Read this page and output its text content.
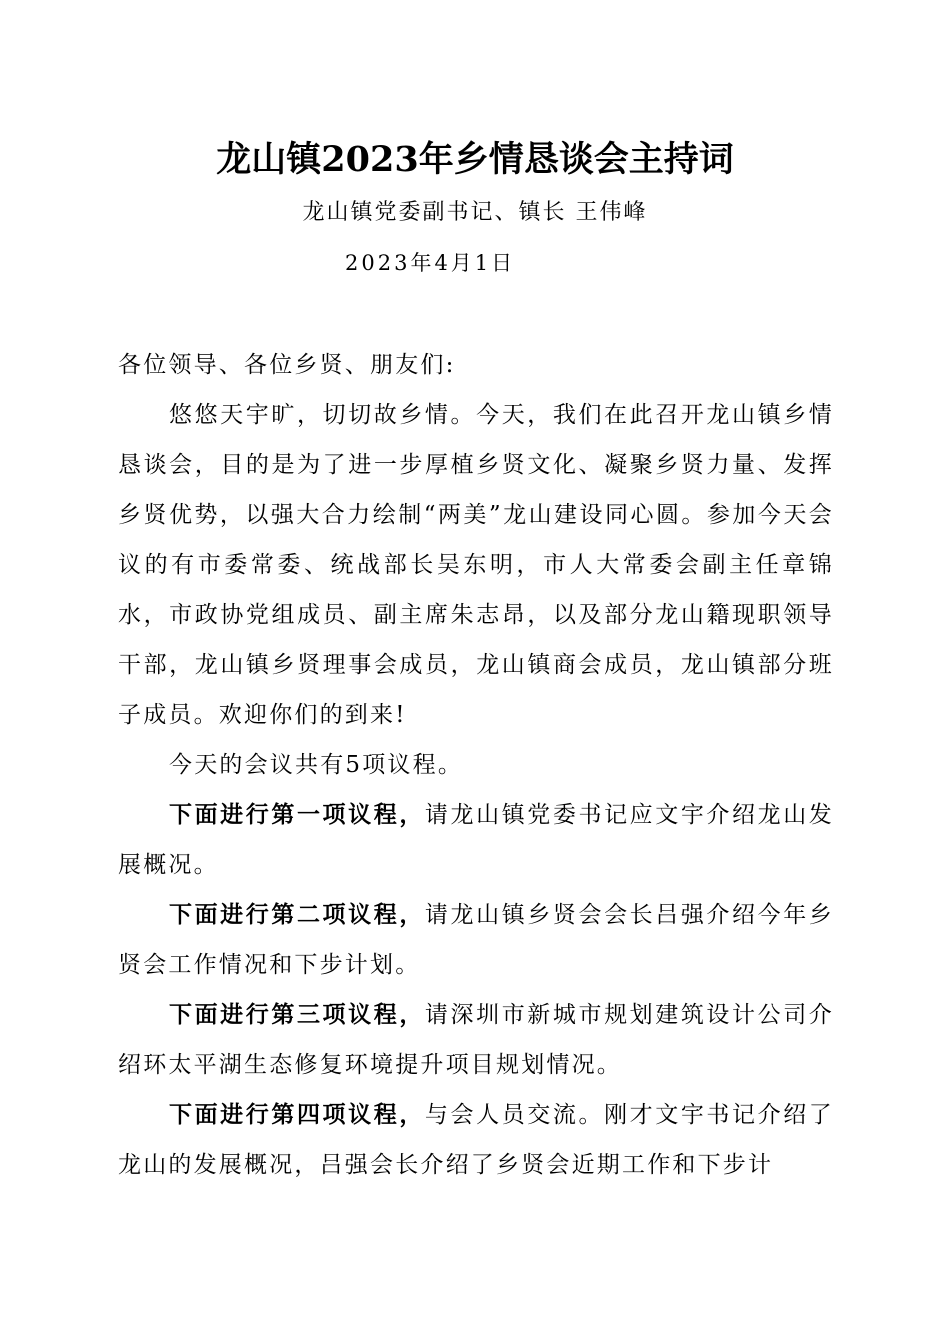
龙山镇2023年乡情恳谈会主持词
龙山镇党委副书记、镇长 王伟峰
2023年4月1日

各位领导、各位乡贤、朋友们:

悠悠天宇旷，切切故乡情。今天，我们在此召开龙山镇乡情恳谈会，目的是为了进一步厚植乡贤文化、凝聚乡贤力量、发挥乡贤优势，以强大合力绘制“两美”龙山建设同心圆。参加今天会议的有市委常委、统战部长吴东明，市人大常委会副主任章锦水，市政协党组成员、副主席朱志昂，以及部分龙山籍现职领导干部，龙山镇乡贤理事会成员，龙山镇商会成员，龙山镇部分班子成员。欢迎你们的到来!

今天的会议共有5项议程。

下面进行第一项议程，请龙山镇党委书记应文宇介绍龙山发展概况。

下面进行第二项议程，请龙山镇乡贤会会长吕强介绍今年乡贤会工作情况和下步计划。

下面进行第三项议程，请深圳市新城市规划建筑设计公司介绍环太平湖生态修复环境提升项目规划情况。

下面进行第四项议程，与会人员交流。刚才文宇书记介绍了龙山的发展概况，吕强会长介绍了乡贤会近期工作和下步计
